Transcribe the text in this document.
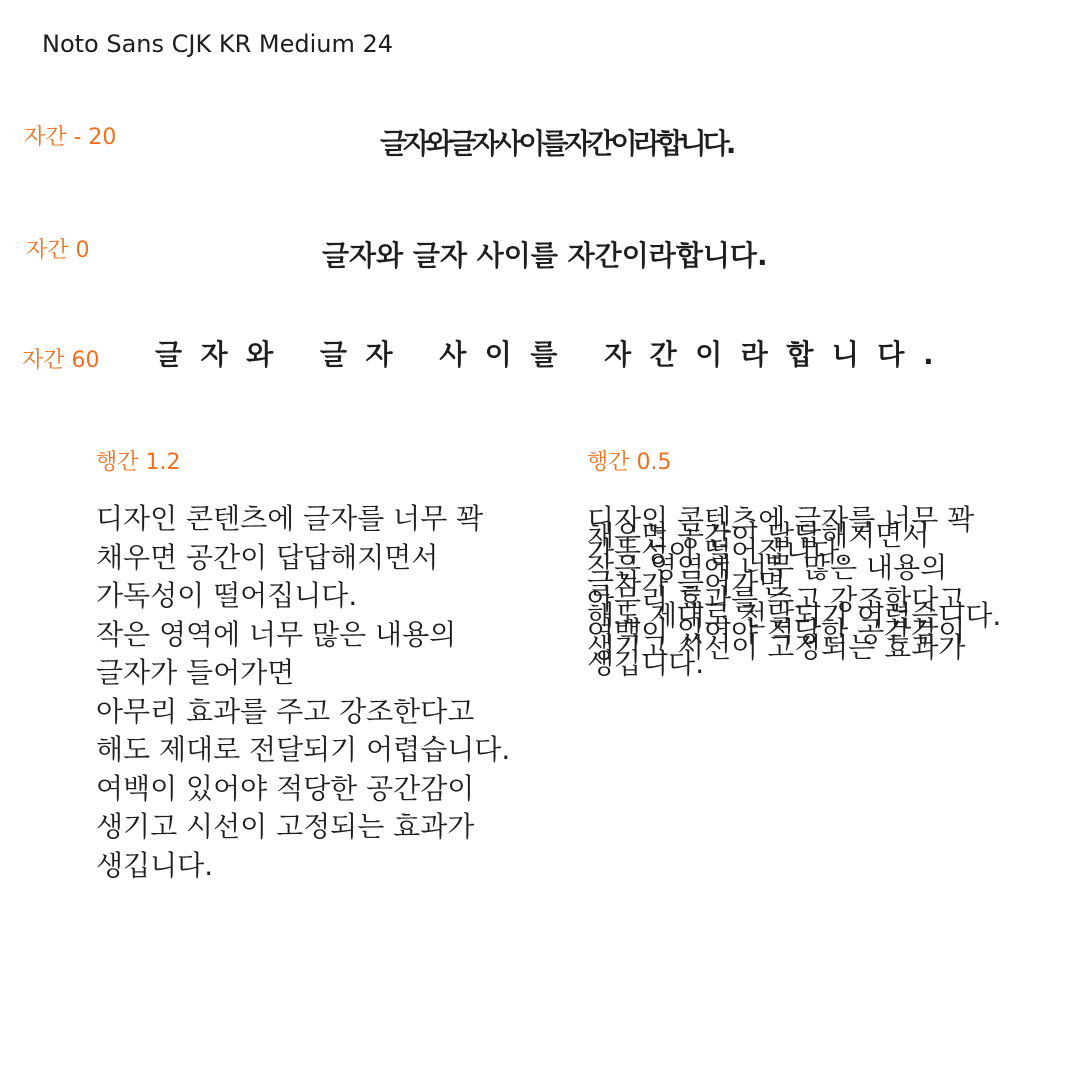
Noto Sans CJK KR Medium 24
자간 - 20	글자와글자사이를자간이라합니다.
자간 0	글자와 글자 사이를 자간이라합니다.
자간 60 글자와 글자 사이를 자간이라합니다.
행간 1.2
디자인 콘텐츠에 글자를 너무 꽉 채우면 공간이 답답해지면서 가독성이 떨어집니다.
작은 영역에 너무 많은 내용의 글자가 들어가면
아무리 효과를 주고 강조한다고 해도 제대로 전달되기 어렵습니다.
여백이 있어야 적당한 공간감이 생기고 시선이 고정되는 효과가 생깁니다.
행간 0.5
디자인 콘텐츠에 글자를 너무 꽉 채우면 공간이 답답해지면서 가독성이 떨어집니다.
작은 영역에 너무 많은 내용의 글자가 들어가면
아무리 효과를 주고 강조한다고 해도 제대로 전달되기 어렵습니다.
여백이 있어야 적당한 공간감이 생기고 시선이 고정되는 효과가 생깁니다.
